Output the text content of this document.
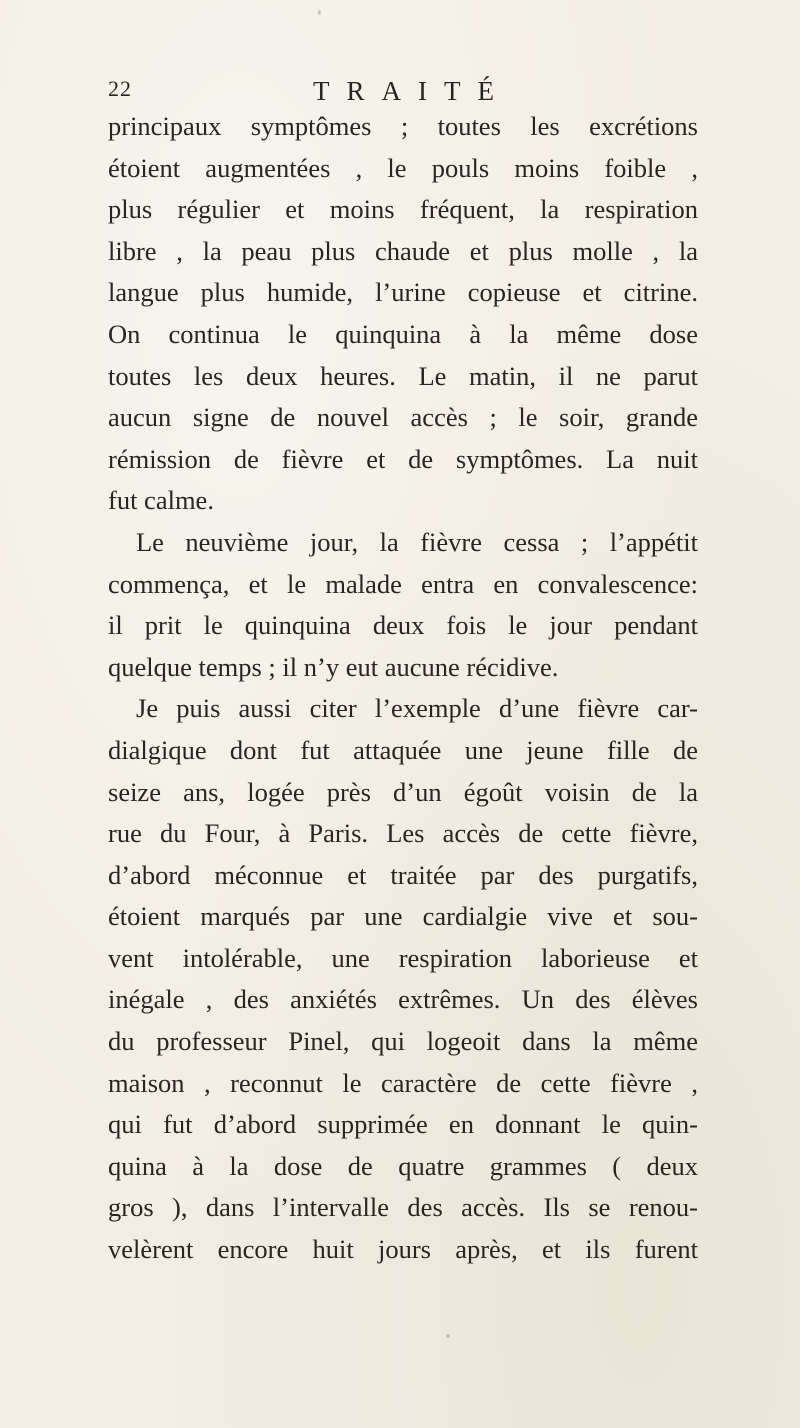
22	TRAITÉ
principaux symptômes ; toutes les excrétions
étoient augmentées , le pouls moins foible ,
plus régulier et moins fréquent, la respiration
libre , la peau plus chaude et plus molle , la
langue plus humide, l’urine copieuse et citrine.
On continua le quinquina à la même dose
toutes les deux heures. Le matin, il ne parut
aucun signe de nouvel accès ; le soir, grande
rémission de fièvre et de symptômes. La nuit
fut calme.
Le neuvième jour, la fièvre cessa ; l’appétit
commença, et le malade entra en convalescence:
il prit le quinquina deux fois le jour pendant
quelque temps ; il n’y eut aucune récidive.
Je puis aussi citer l’exemple d’une fièvre car-
dialgique dont fut attaquée une jeune fille de
seize ans, logée près d’un égoût voisin de la
rue du Four, à Paris. Les accès de cette fièvre,
d’abord méconnue et traitée par des purgatifs,
étoient marqués par une cardialgie vive et sou-
vent intolérable, une respiration laborieuse et
inégale , des anxiétés extrêmes. Un des élèves
du professeur Pinel, qui logeoit dans la même
maison , reconnut le caractère de cette fièvre ,
qui fut d’abord supprimée en donnant le quin-
quina à la dose de quatre grammes ( deux
gros ), dans l’intervalle des accès. Ils se renou-
velèrent encore huit jours après, et ils furent
